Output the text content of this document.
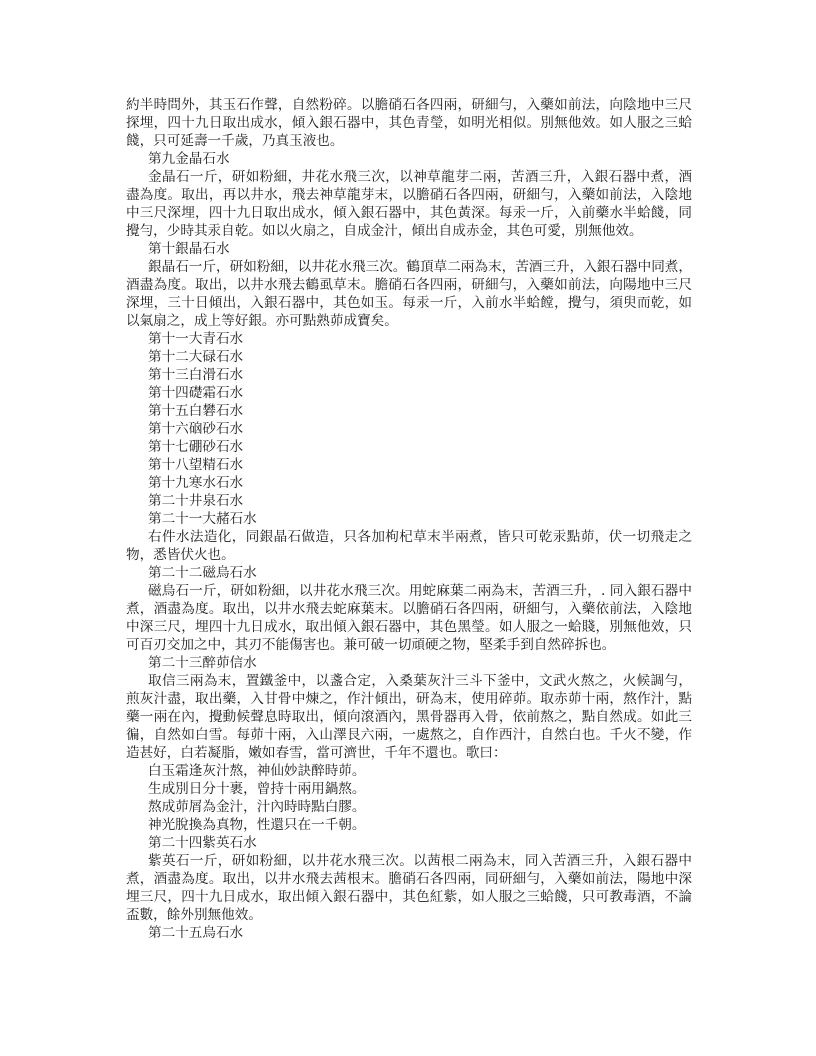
約半時問外，其玉石作聲，自然粉碎。以膽硝石各四兩，研細勻，入藥如前法，向陰地中三尺
探埋，四十九日取出成水，傾入銀石器中，其色青瑩，如明光相似。別無他效。如人服之三蛤
餞，只可延壽一千歲，乃真玉液也。
第九金晶石水
金晶石一斤，研如粉細，井花水飛三次，以神草龍芽二兩，苦酒三升，入銀石器中煮，酒
盡為度。取出，再以井水，飛去神草龍芽末，以膽硝石各四兩，研細勻，入藥如前法，入陰地
中三尺深埋，四十九日取出成水，傾入銀石器中，其色黃深。每汞一斤，入前藥水半蛤餞，同
攪勻，少時其汞自乾。如以火扇之，自成金汁，傾出自成赤金，其色可愛，別無他效。
第十銀晶石水
銀晶石一斤，研如粉細，以井花水飛三次。鶴頂草二兩為末，苦酒三升，入銀石器中同煮，
酒盡為度。取出，以井水飛去鶴虱草末。膽硝石各四兩，研細勻，入藥如前法，向陽地中三尺
深埋，三十日傾出，入銀石器中，其色如玉。每汞一斤，入前水半蛤饄，攪勻，須臾而乾，如
以氣扇之，成上等好銀。亦可點熟茆成寶矣。
第十一大青石水
第十二大碌石水
第十三白滑石水
第十四礎霜石水
第十五白礬石水
第十六硇砂石水
第十七硼砂石水
第十八望精石水
第十九寒水石水
第二十井泉石水
第二十一大赭石水
右件水法造化，同銀晶石做造，只各加枸杞草末半兩煮，皆只可乾汞點茆，伏一切飛走之
物，悉皆伏火也。
第二十二磁烏石水
磁烏石一斤，研如粉細，以井花水飛三次。用蛇麻葉二兩為末，苦酒三升，. 同入銀石器中
煮，酒盡為度。取出，以井水飛去蛇麻葉末。以膽硝石各四兩，研細勻，入藥依前法，入陰地
中深三尺，埋四十九日成水，取出傾入銀石器中，其色黑瑩。如人服之一蛤賤，別無他效，只
可百刃交加之中，其刃不能傷害也。兼可破一切頑硬之物，堅柔手到自然碎拆也。
第二十三醉茆信水
取信三兩為末，置鐵釜中，以盞合定，入桑葉灰汁三斗下釜中，文武火熬之，火候調勻，
煎灰汁盡，取出藥，入甘骨中煉之，作汁傾出，研為末，使用碎茆。取赤茆十兩，熬作汁，點
藥一兩在內，攪動候聲息時取出，傾向滾酒內，黑骨器再入骨，依前熬之，點自然成。如此三
徧，自然如白雪。每茆十兩，入山澤艮六兩，一處熬之，自作西汁，自然白也。千火不變，作
造甚好，白若凝脂，嫩如春雪，當可濟世，千年不還也。歌曰：
白玉霜逢灰汁熬，神仙妙訣醉時茆。
生成別日分十裹，曾持十兩用鍋熬。
熬成茆屑為金汁，汁內時時點白膠。
神光脫換為真物，性還只在一千朝。
第二十四紫英石水
紫英石一斤，研如粉細，以井花水飛三次。以茜根二兩為末，同入苦酒三升，入銀石器中
煮，酒盡為度。取出，以井水飛去茜根末。膽硝石各四兩，同研細勻，入藥如前法，陽地中深
埋三尺，四十九日成水，取出傾入銀石器中，其色紅紫，如人服之三蛤餞，只可教毒酒，不論
盃數，餘外別無他效。
第二十五烏石水
